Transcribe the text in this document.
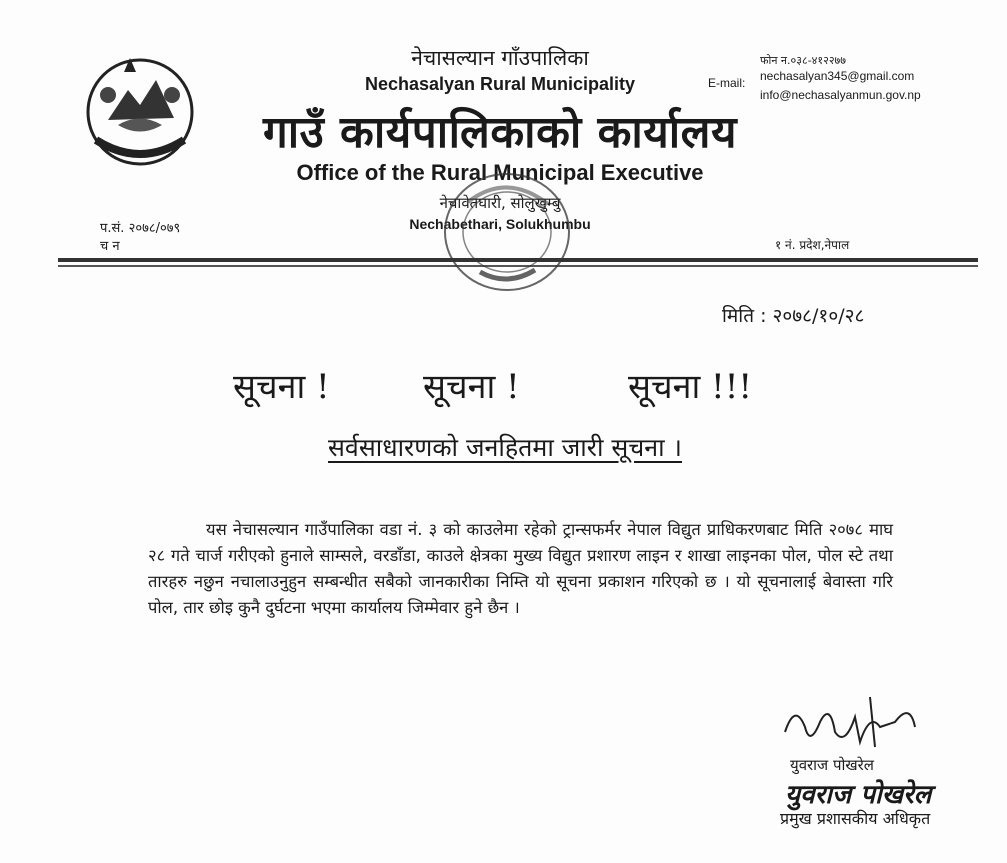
नेचासल्यान गाँउपालिका
Nechasalyan Rural Municipality
गाउँ कार्यपालिकाको कार्यालय
Office of the Rural Municipal Executive
नेचावेतघारी, सोलुखुम्बु
Nechabethari, Solukhumbu
फोन न.०३८-४१२२७७
E-mail: nechasalyan345@gmail.com
info@nechasalyanmun.gov.np
प.सं. २०७८/०७९
च न	१ नं. प्रदेश,नेपाल
मिति : २०७८/१०/२८
सूचना !	सूचना !	सूचना !!!
सर्वसाधारणको जनहितमा जारी सूचना ।
यस नेचासल्यान गाउँपालिका वडा नं. ३ को काउलेमा रहेको ट्रान्सफर्मर नेपाल विद्युत प्राधिकरणबाट मिति २०७८ माघ २८ गते चार्ज गरीएको हुनाले साम्सले, वरडाँडा, काउले क्षेत्रका मुख्य विद्युत प्रशारण लाइन र शाखा लाइनका पोल, पोल स्टे तथा तारहरु नछुन नचालाउनुहुन सम्बन्धीत सबैको जानकारीका निम्ति यो सूचना प्रकाशन गरिएको छ । यो सूचनालाई बेवास्ता गरि पोल, तार छोइ कुनै दुर्घटना भएमा कार्यालय जिम्मेवार हुने छैन ।
युवराज पोखरेल
युवराज पोखरेल
प्रमुख प्रशासकीय अधिकृत
